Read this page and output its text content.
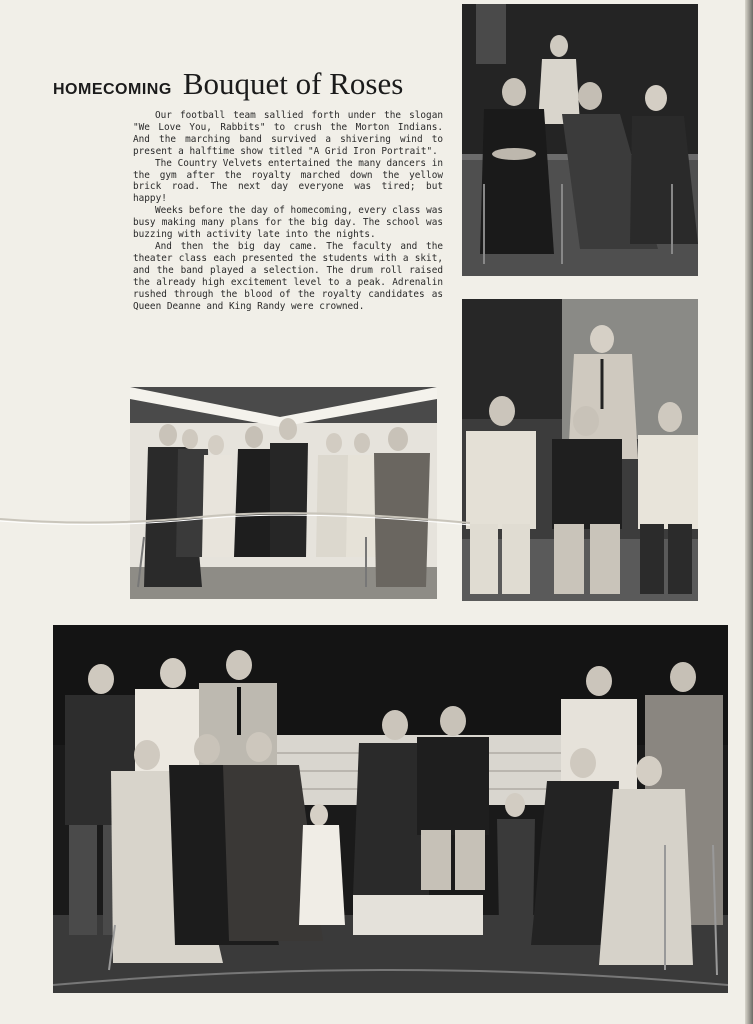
HOMECOMING Bouquet of Roses

Our football team sallied forth under the slogan "We Love You, Rabbits" to crush the Morton Indians. And the marching band survived a shivering wind to present a halftime show titled "A Grid Iron Portrait".

The Country Velvets entertained the many dancers in the gym after the royalty marched down the yellow brick road. The next day everyone was tired; but happy!

Weeks before the day of homecoming, every class was busy making many plans for the big day. The school was buzzing with activity late into the nights.

And then the big day came. The faculty and the theater class each presented the students with a skit, and the band played a selection. The drum roll raised the already high excitement level to a peak. Adrenalin rushed through the blood of the royalty candidates as Queen Deanne and King Randy were crowned.
